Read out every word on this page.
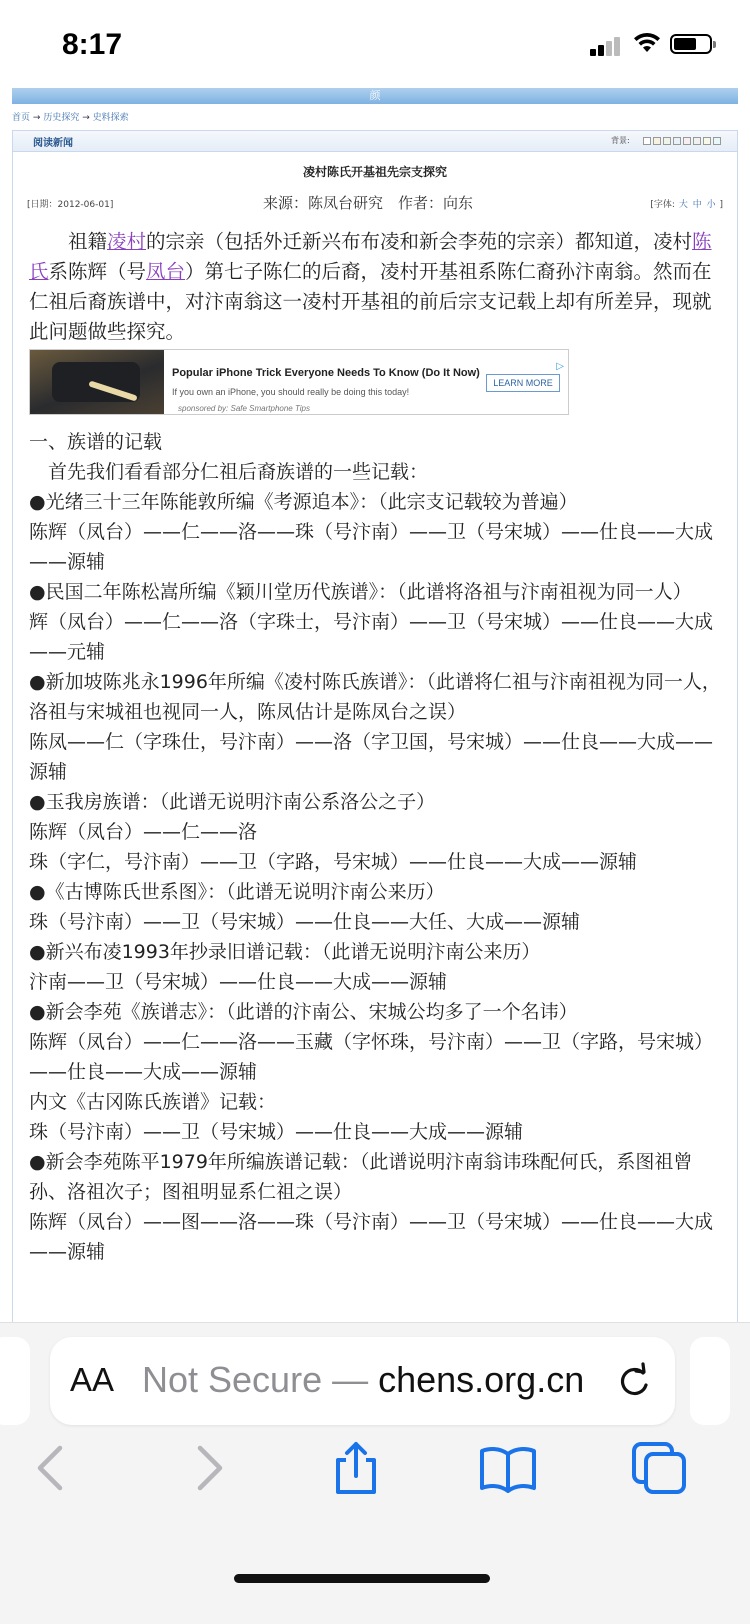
8:17
颜
首页 → 历史探究 → 史料探索
阅读新闻	背景:
凌村陈氏开基祖先宗支探究
[日期：2012-06-01]	来源：陈凤台研究　作者：向东	[字体: 大 中 小 ]

祖籍凌村的宗亲（包括外迁新兴布布凌和新会李苑的宗亲）都知道，凌村陈氏系陈辉（号凤台）第七子陈仁的后裔，凌村开基祖系陈仁裔孙汴南翁。然而在仁祖后裔族谱中，对汴南翁这一凌村开基祖的前后宗支记载上却有所差异，现就此问题做些探究。

Popular iPhone Trick Everyone Needs To Know (Do It Now)
If you own an iPhone, you should really be doing this today!
sponsored by: Safe Smartphone Tips
LEARN MORE
▷

一、族谱的记载

首先我们看看部分仁祖后裔族谱的一些记载：

●光绪三十三年陈能敦所编《考源追本》：（此宗支记载较为普遍）

陈辉（凤台）——仁——洛——珠（号汴南）——卫（号宋城）——仕良——大成——源辅

●民国二年陈松嵩所编《颖川堂历代族谱》：（此谱将洛祖与汴南祖视为同一人）

辉（凤台）——仁——洛（字珠士，号汴南）——卫（号宋城）——仕良——大成——元辅

●新加坡陈兆永1996年所编《凌村陈氏族谱》：（此谱将仁祖与汴南祖视为同一人，洛祖与宋城祖也视同一人，陈凤估计是陈凤台之误）

陈凤——仁（字珠仕，号汴南）——洛（字卫国，号宋城）——仕良——大成——源辅

●玉我房族谱：（此谱无说明汴南公系洛公之子）

陈辉（凤台）——仁——洛

珠（字仁，号汴南）——卫（字路，号宋城）——仕良——大成——源辅

●《古博陈氏世系图》：（此谱无说明汴南公来历）

珠（号汴南）——卫（号宋城）——仕良——大任、大成——源辅

●新兴布凌1993年抄录旧谱记载：（此谱无说明汴南公来历）

汴南——卫（号宋城）——仕良——大成——源辅

●新会李苑《族谱志》：（此谱的汴南公、宋城公均多了一个名讳）

陈辉（凤台）——仁——洛——玉藏（字怀珠，号汴南）——卫（字路，号宋城）——仕良——大成——源辅

内文《古冈陈氏族谱》记载：

珠（号汴南）——卫（号宋城）——仕良——大成——源辅

●新会李苑陈平1979年所编族谱记载：（此谱说明汴南翁讳珠配何氏，系图祖曾孙、洛祖次子；图祖明显系仁祖之误）

陈辉（凤台）——图——洛——珠（号汴南）——卫（号宋城）——仕良——大成——源辅

AA Not Secure — chens.org.cn
